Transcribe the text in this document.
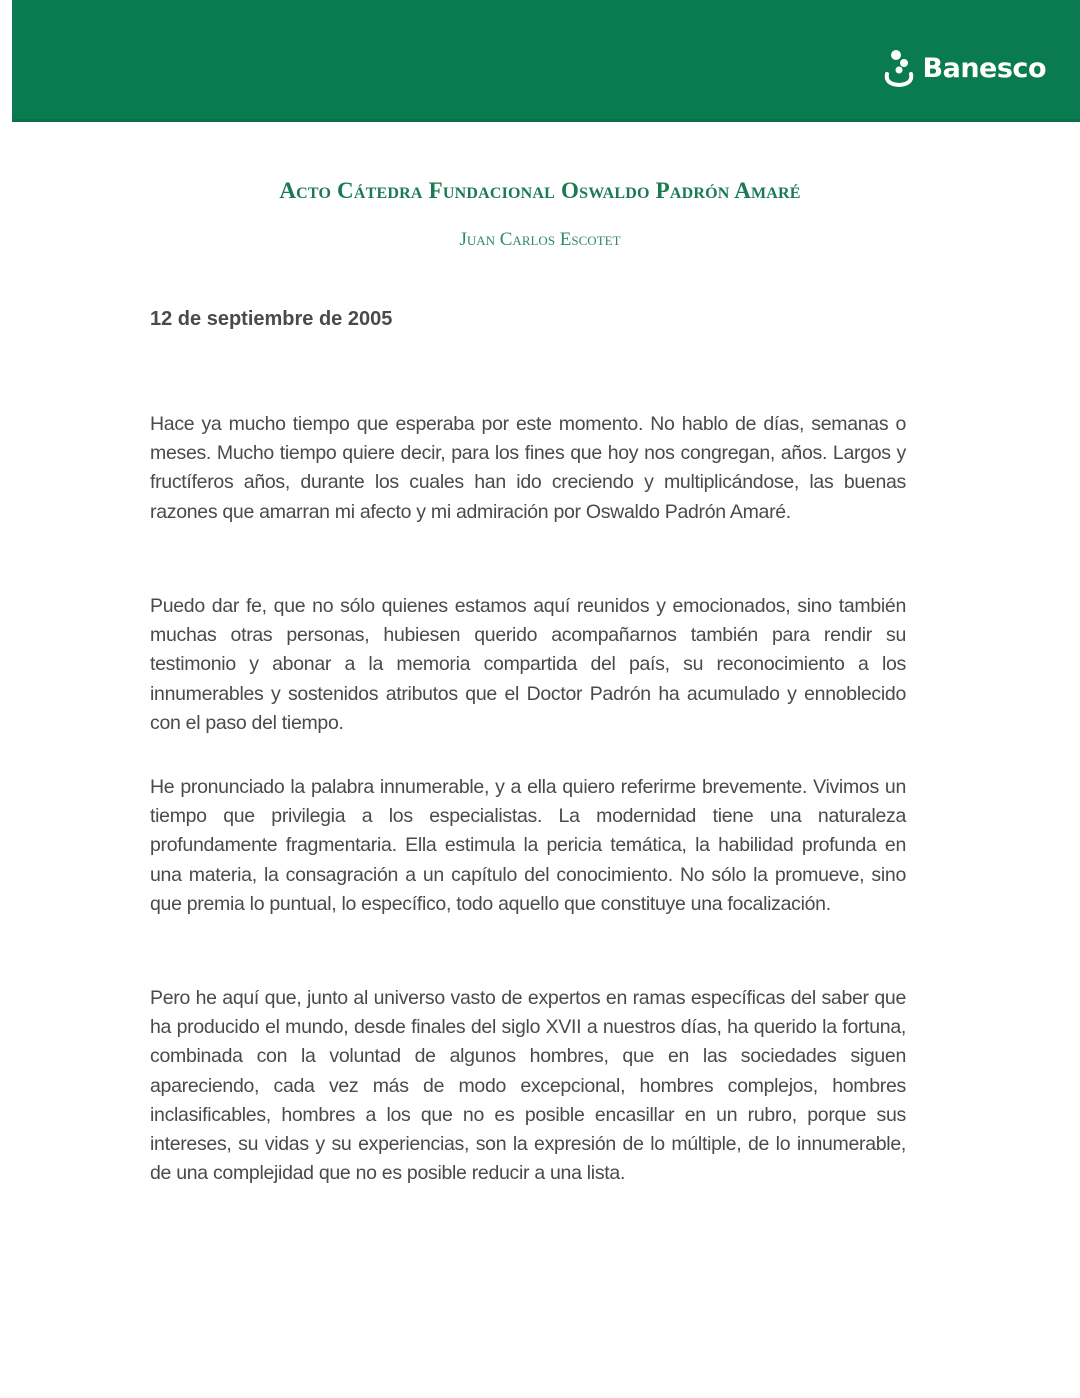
Banesco
Acto Cátedra Fundacional Oswaldo Padrón Amaré
Juan Carlos Escotet
12 de septiembre de 2005

Hace ya mucho tiempo que esperaba por este momento. No hablo de días, semanas o meses. Mucho tiempo quiere decir, para los fines que hoy nos congregan, años. Largos y fructíferos años, durante los cuales han ido creciendo y multiplicándose, las buenas razones que amarran mi afecto y mi admiración por Oswaldo Padrón Amaré.

Puedo dar fe, que no sólo quienes estamos aquí reunidos y emocionados, sino también muchas otras personas, hubiesen querido acompañarnos también para rendir su testimonio y abonar a la memoria compartida del país, su reconocimiento a los innumerables y sostenidos atributos que el Doctor Padrón ha acumulado y ennoblecido con el paso del tiempo.

He pronunciado la palabra innumerable, y a ella quiero referirme brevemente. Vivimos un tiempo que privilegia a los especialistas. La modernidad tiene una naturaleza profundamente fragmentaria. Ella estimula la pericia temática, la habilidad profunda en una materia, la consagración a un capítulo del conocimiento. No sólo la promueve, sino que premia lo puntual, lo específico, todo aquello que constituye una focalización.

Pero he aquí que, junto al universo vasto de expertos en ramas específicas del saber que ha producido el mundo, desde finales del siglo XVII a nuestros días, ha querido la fortuna, combinada con la voluntad de algunos hombres, que en las sociedades siguen apareciendo, cada vez más de modo excepcional, hombres complejos, hombres inclasificables, hombres a los que no es posible encasillar en un rubro, porque sus intereses, su vidas y su experiencias, son la expresión de lo múltiple, de lo innumerable, de una complejidad que no es posible reducir a una lista.
